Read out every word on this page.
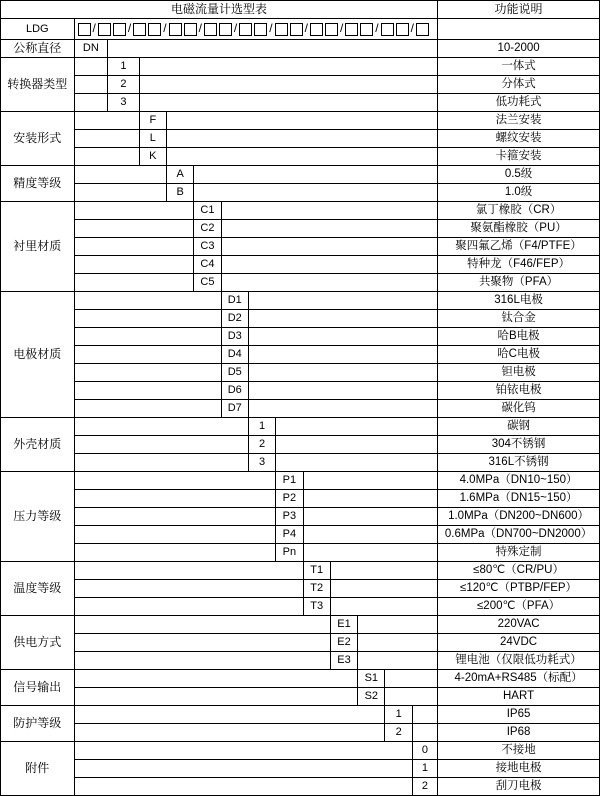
电磁流量计选型表														功能说明
LDG	/	/	/	/	/	/	/	/	/	/

公称直径	DN													10-2000
转换器类型		1												一体式
		2												分体式
		3												低功耗式
安装形式			F											法兰安装
			L											螺纹安装
			K											卡箍安装
精度等级				A										0.5级
				B										1.0级
衬里材质					C1									氯丁橡胶（CR）
					C2									聚氨酯橡胶（PU）
					C3									聚四氟乙烯（F4/PTFE）
					C4									特种龙（F46/FEP）
					C5									共聚物（PFA）
电极材质						D1								316L电极
						D2								钛合金
						D3								哈B电极
						D4								哈C电极
						D5								钽电极
						D6								铂铱电极
						D7								碳化钨
外壳材质							1							碳钢
							2							304不锈钢
							3							316L不锈钢
压力等级								P1						4.0MPa（DN10~150）
								P2						1.6MPa（DN15~150）
								P3						1.0MPa（DN200~DN600）
								P4						0.6MPa（DN700~DN2000）
								Pn						特殊定制
温度等级									T1					≤80℃（CR/PU）
									T2					≤120℃（PTBP/FEP）
									T3					≤200℃（PFA）
供电方式										E1				220VAC
										E2				24VDC
										E3				锂电池（仅限低功耗式）
信号输出											S1			4-20mA+RS485（标配）
											S2			HART
防护等级												1		IP65
												2		IP68
附件													0	不接地
													1	接地电极
													2	刮刀电极
